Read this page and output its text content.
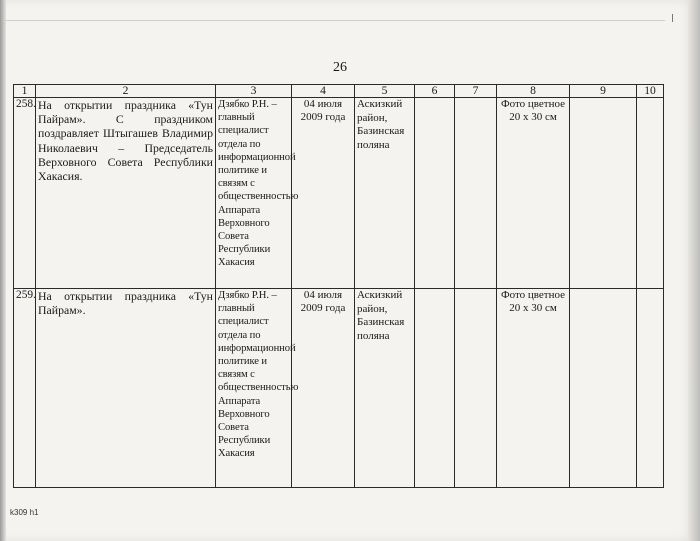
26
1	2	3	4	5	6	7	8	9	10
258.	На открытии праздника «Тун Пайрам». С праздником поздравляет Штыгашев Владимир Николаевич – Председатель Верховного Совета Республики Хакасия.	Дзябко Р.Н. – главный специалист отдела по информационной политике и связям с общественностью Аппарата Верховного Совета Республики Хакасия	04 июля 2009 года	Аскизкий район, Базинская поляна			Фото цветное 20 х 30 см		
259.	На открытии праздника «Тун Пайрам».	Дзябко Р.Н. – главный специалист отдела по информационной политике и связям с общественностью Аппарата Верховного Совета Республики Хакасия	04 июля 2009 года	Аскизкий район, Базинская поляна			Фото цветное 20 х 30 см		
k309 h1
